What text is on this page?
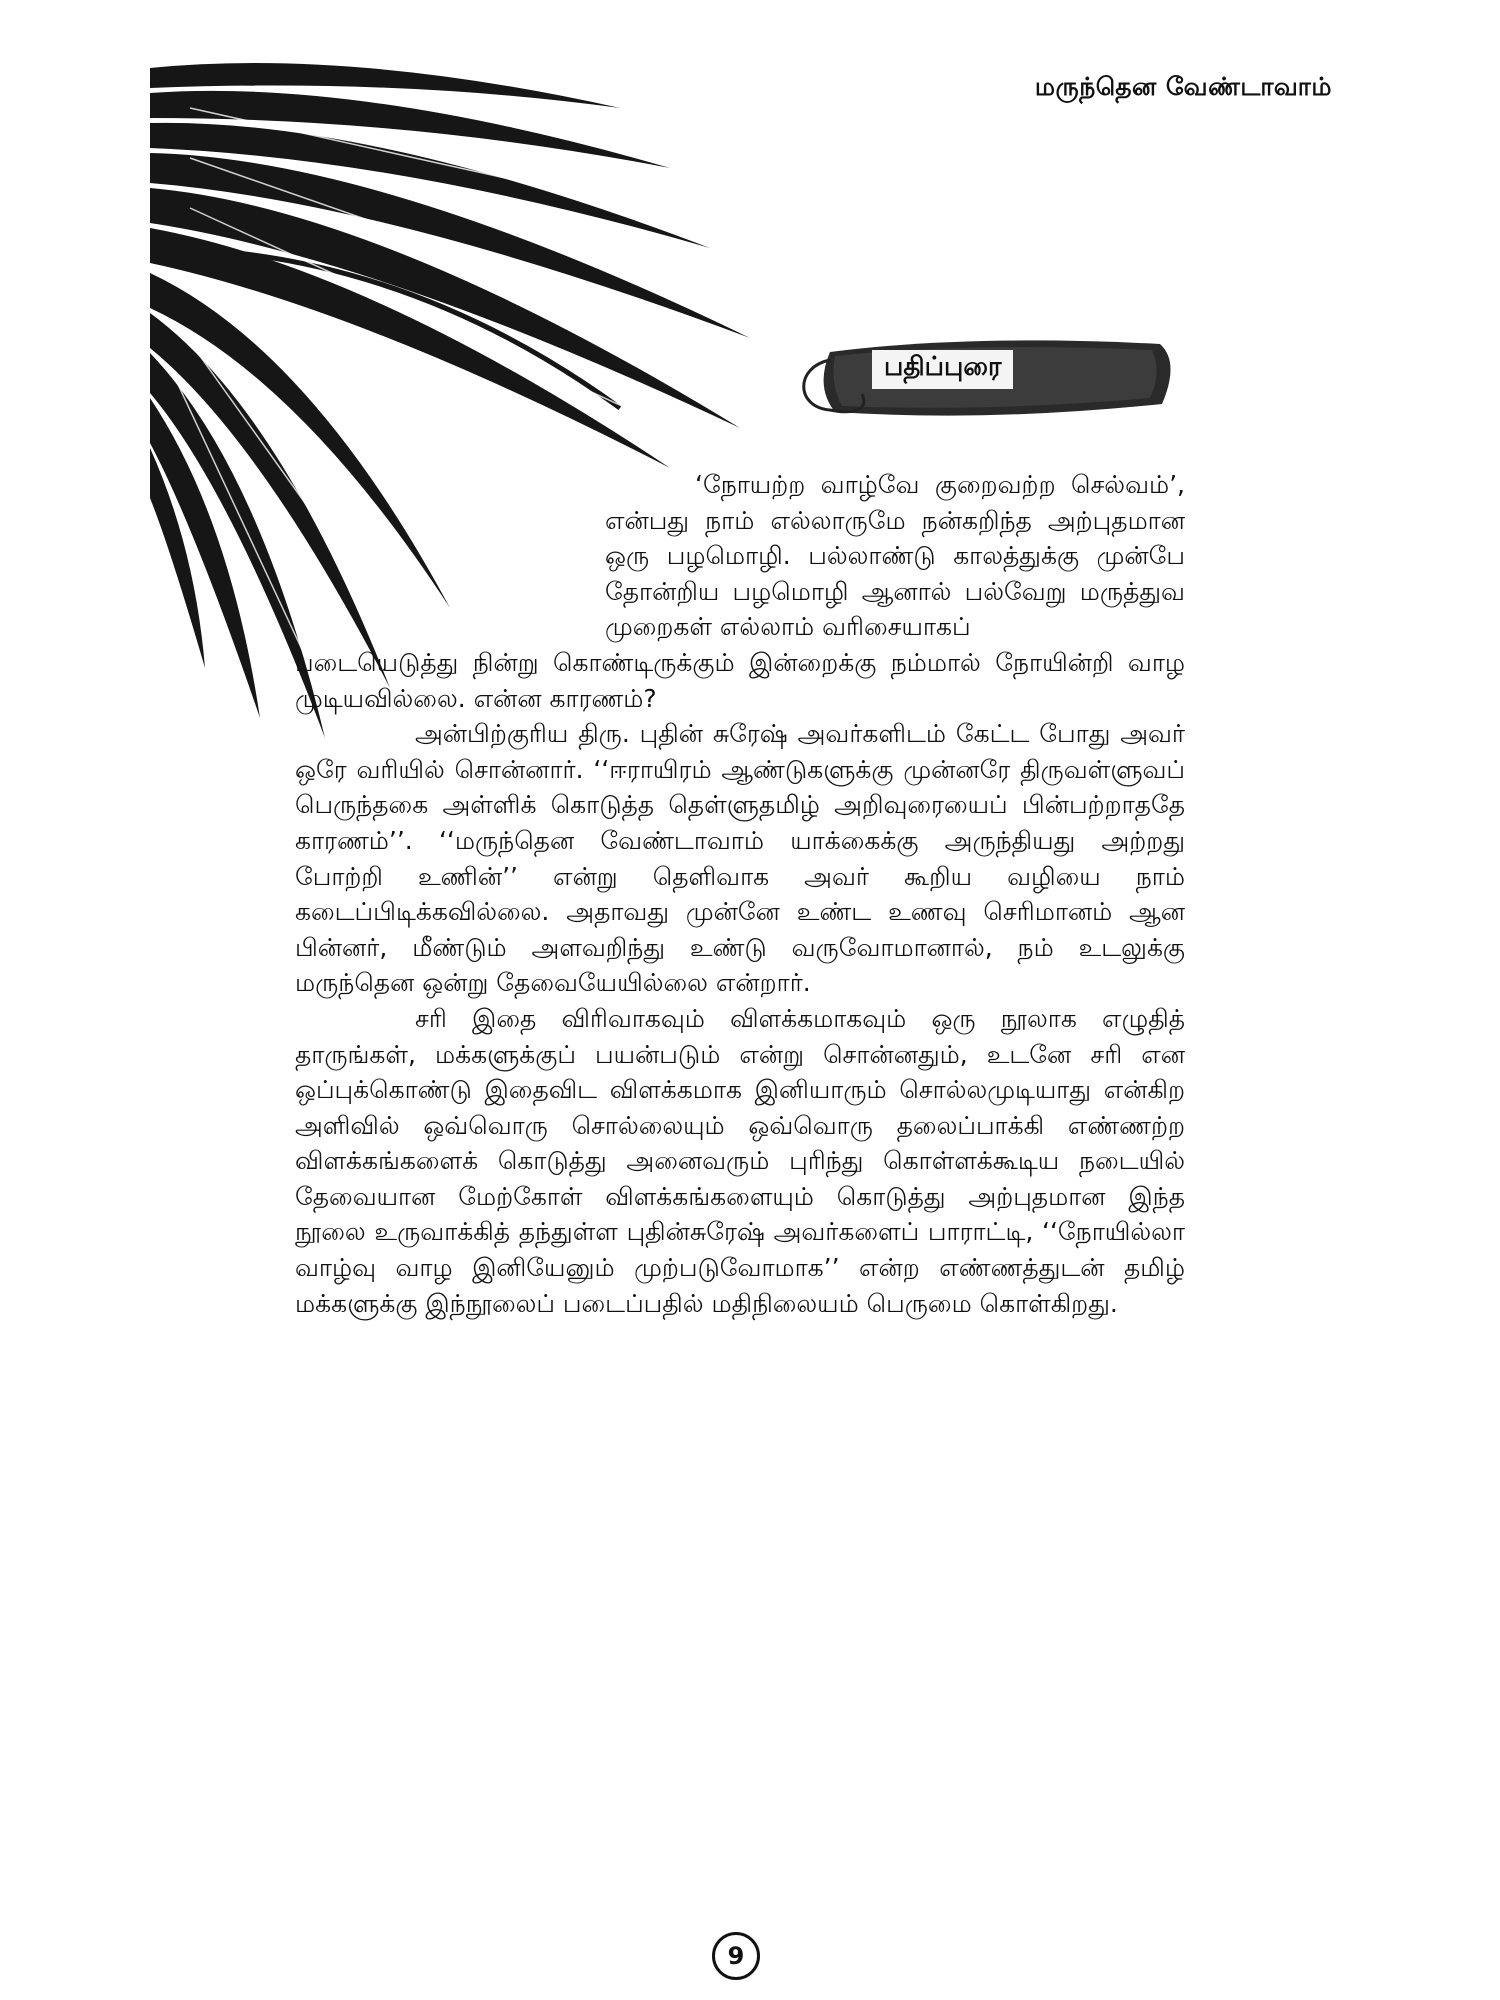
மருந்தென வேண்டாவாம்
பதிப்புரை

‘நோயற்ற வாழ்வே குறைவற்ற செல்வம்’, என்பது நாம் எல்லாருமே நன்கறிந்த அற்புதமான ஒரு பழமொழி. பல்லாண்டு காலத்துக்கு முன்பே தோன்றிய பழமொழி ஆனால் பல்வேறு மருத்துவ முறைகள் எல்லாம் வரிசையாகப்
படையெடுத்து நின்று கொண்டிருக்கும் இன்றைக்கு நம்மால் நோயின்றி வாழ முடியவில்லை. என்ன காரணம்?

அன்பிற்குரிய திரு. புதின் சுரேஷ் அவர்களிடம் கேட்ட போது அவர் ஒரே வரியில் சொன்னார். ‘‘ஈராயிரம் ஆண்டுகளுக்கு முன்னரே திருவள்ளுவப் பெருந்தகை அள்ளிக் கொடுத்த தெள்ளுதமிழ் அறிவுரையைப் பின்பற்றாததே காரணம்’’. ‘‘மருந்தென வேண்டாவாம் யாக்கைக்கு அருந்தியது அற்றது போற்றி உணின்’’ என்று தெளிவாக அவர் கூறிய வழியை நாம் கடைப்பிடிக்கவில்லை. அதாவது முன்னே உண்ட உணவு செரிமானம் ஆன பின்னர், மீண்டும் அளவறிந்து உண்டு வருவோமானால், நம் உடலுக்கு மருந்தென ஒன்று தேவையேயில்லை என்றார்.

சரி இதை விரிவாகவும் விளக்கமாகவும் ஒரு நூலாக எழுதித் தாருங்கள், மக்களுக்குப் பயன்படும் என்று சொன்னதும், உடனே சரி என ஒப்புக்கொண்டு இதைவிட விளக்கமாக இனியாரும் சொல்லமுடியாது என்கிற அளிவில் ஒவ்வொரு சொல்லையும் ஒவ்வொரு தலைப்பாக்கி எண்ணற்ற விளக்கங்களைக் கொடுத்து அனைவரும் புரிந்து கொள்ளக்கூடிய நடையில் தேவையான மேற்கோள் விளக்கங்களையும் கொடுத்து அற்புதமான இந்த நூலை உருவாக்கித் தந்துள்ள புதின்சுரேஷ் அவர்களைப் பாராட்டி, ‘‘நோயில்லா வாழ்வு வாழ இனியேனும் முற்படுவோமாக’’ என்ற எண்ணத்துடன் தமிழ் மக்களுக்கு இந்நூலைப் படைப்பதில் மதிநிலையம் பெருமை கொள்கிறது.

9
